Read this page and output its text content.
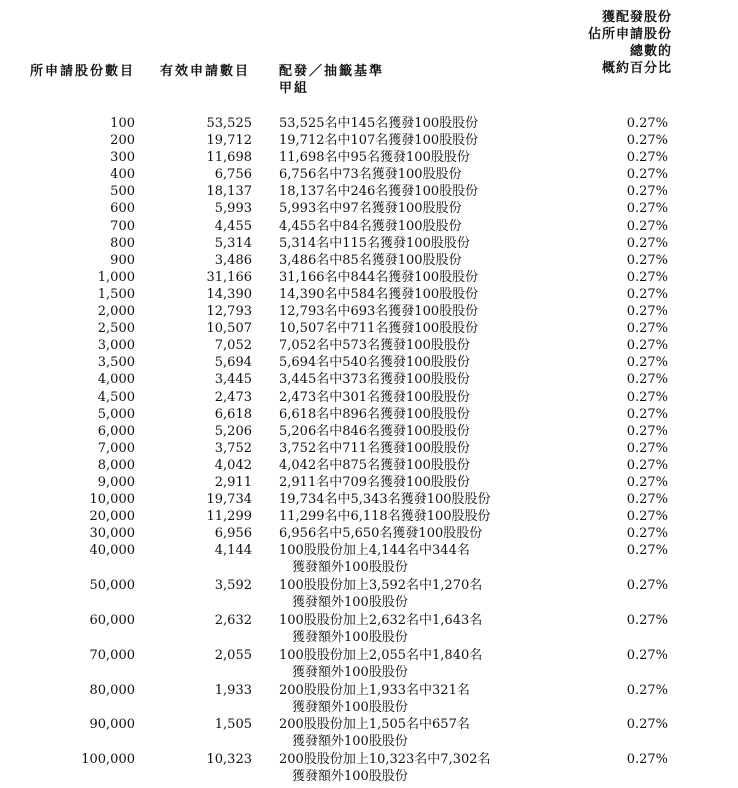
所申請股份數目 有效申請數目 配發／抽籤基準
甲組
獲配發股份
佔所申請股份
總數的
概約百分比
100	53,525 53,525名中145名獲發100股股份	0.27%
200	19,712 19,712名中107名獲發100股股份	0.27%
300	11,698 11,698名中95名獲發100股股份	0.27%
400	6,756 6,756名中73名獲發100股股份	0.27%
500	18,137 18,137名中246名獲發100股股份	0.27%
600	5,993 5,993名中97名獲發100股股份	0.27%
700	4,455 4,455名中84名獲發100股股份	0.27%
800	5,314 5,314名中115名獲發100股股份	0.27%
900	3,486 3,486名中85名獲發100股股份	0.27%
1,000	31,166 31,166名中844名獲發100股股份	0.27%
1,500	14,390 14,390名中584名獲發100股股份	0.27%
2,000	12,793 12,793名中693名獲發100股股份	0.27%
2,500	10,507 10,507名中711名獲發100股股份	0.27%
3,000	7,052 7,052名中573名獲發100股股份	0.27%
3,500	5,694 5,694名中540名獲發100股股份	0.27%
4,000	3,445 3,445名中373名獲發100股股份	0.27%
4,500	2,473 2,473名中301名獲發100股股份	0.27%
5,000	6,618 6,618名中896名獲發100股股份	0.27%
6,000	5,206 5,206名中846名獲發100股股份	0.27%
7,000	3,752 3,752名中711名獲發100股股份	0.27%
8,000	4,042 4,042名中875名獲發100股股份	0.27%
9,000	2,911 2,911名中709名獲發100股股份	0.27%
10,000	19,734 19,734名中5,343名獲發100股股份	0.27%
20,000	11,299 11,299名中6,118名獲發100股股份	0.27%
30,000	6,956 6,956名中5,650名獲發100股股份	0.27%
40,000	4,144 100股股份加上4,144名中344名
獲發額外100股股份
0.27%
50,000	3,592 100股股份加上3,592名中1,270名
獲發額外100股股份
0.27%
60,000	2,632 100股股份加上2,632名中1,643名
獲發額外100股股份
0.27%
70,000	2,055 100股股份加上2,055名中1,840名
獲發額外100股股份
0.27%
80,000	1,933 200股股份加上1,933名中321名
獲發額外100股股份
0.27%
90,000	1,505 200股股份加上1,505名中657名
獲發額外100股股份
0.27%
100,000	10,323 200股股份加上10,323名中7,302名
獲發額外100股股份
0.27%
